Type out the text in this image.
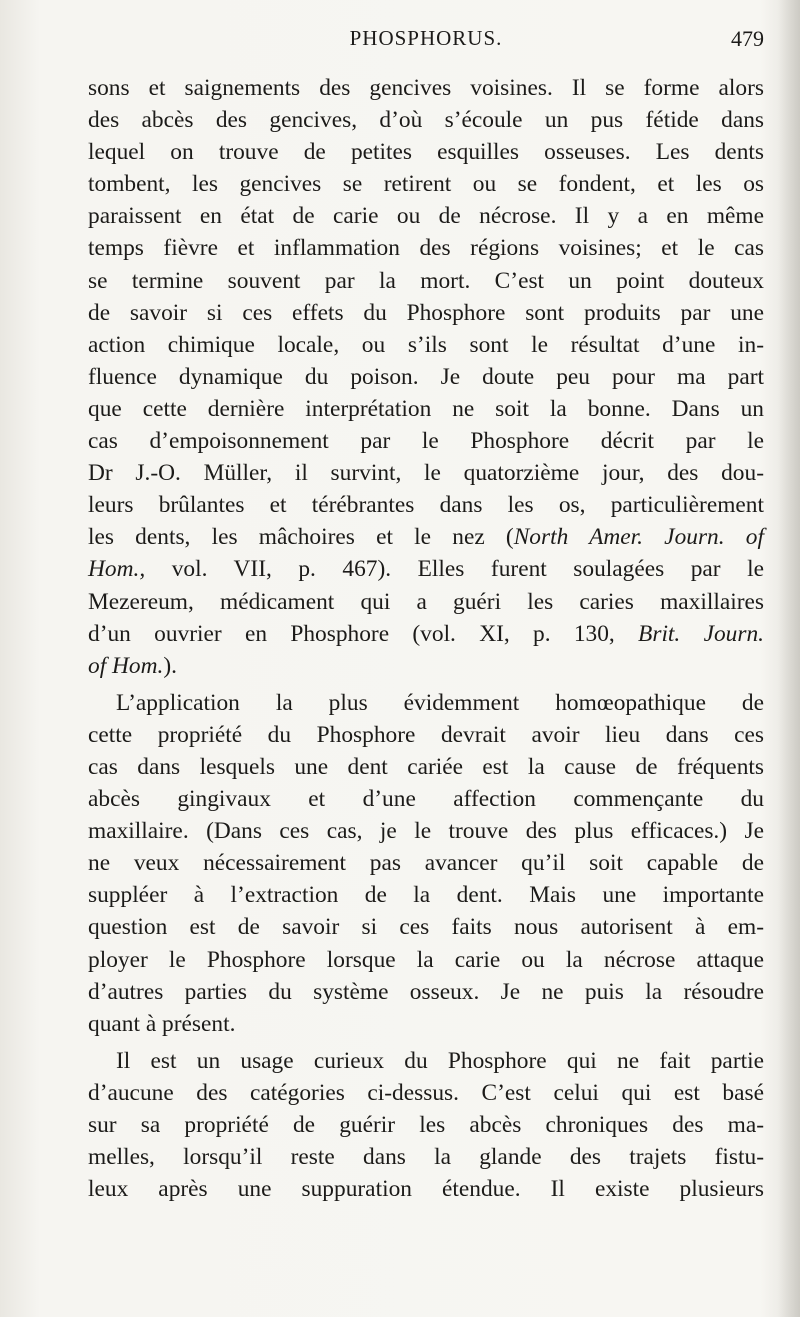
PHOSPHORUS.	479
sons et saignements des gencives voisines. Il se forme alors
des abcès des gencives, d’où s’écoule un pus fétide dans
lequel on trouve de petites esquilles osseuses. Les dents
tombent, les gencives se retirent ou se fondent, et les os
paraissent en état de carie ou de nécrose. Il y a en même
temps fièvre et inflammation des régions voisines; et le cas
se termine souvent par la mort. C’est un point douteux
de savoir si ces effets du Phosphore sont produits par une
action chimique locale, ou s’ils sont le résultat d’une in-
fluence dynamique du poison. Je doute peu pour ma part
que cette dernière interprétation ne soit la bonne. Dans un
cas d’empoisonnement par le Phosphore décrit par le
Dr J.-O. Müller, il survint, le quatorzième jour, des dou-
leurs brûlantes et térébrantes dans les os, particulièrement
les dents, les mâchoires et le nez (North Amer. Journ. of
Hom., vol. VII, p. 467). Elles furent soulagées par le
Mezereum, médicament qui a guéri les caries maxillaires
d’un ouvrier en Phosphore (vol. XI, p. 130, Brit. Journ.
of Hom.).
L’application la plus évidemment homœopathique de
cette propriété du Phosphore devrait avoir lieu dans ces
cas dans lesquels une dent cariée est la cause de fréquents
abcès gingivaux et d’une affection commençante du
maxillaire. (Dans ces cas, je le trouve des plus efficaces.) Je
ne veux nécessairement pas avancer qu’il soit capable de
suppléer à l’extraction de la dent. Mais une importante
question est de savoir si ces faits nous autorisent à em-
ployer le Phosphore lorsque la carie ou la nécrose attaque
d’autres parties du système osseux. Je ne puis la résoudre
quant à présent.
Il est un usage curieux du Phosphore qui ne fait partie
d’aucune des catégories ci-dessus. C’est celui qui est basé
sur sa propriété de guérir les abcès chroniques des ma-
melles, lorsqu’il reste dans la glande des trajets fistu-
leux après une suppuration étendue. Il existe plusieurs
